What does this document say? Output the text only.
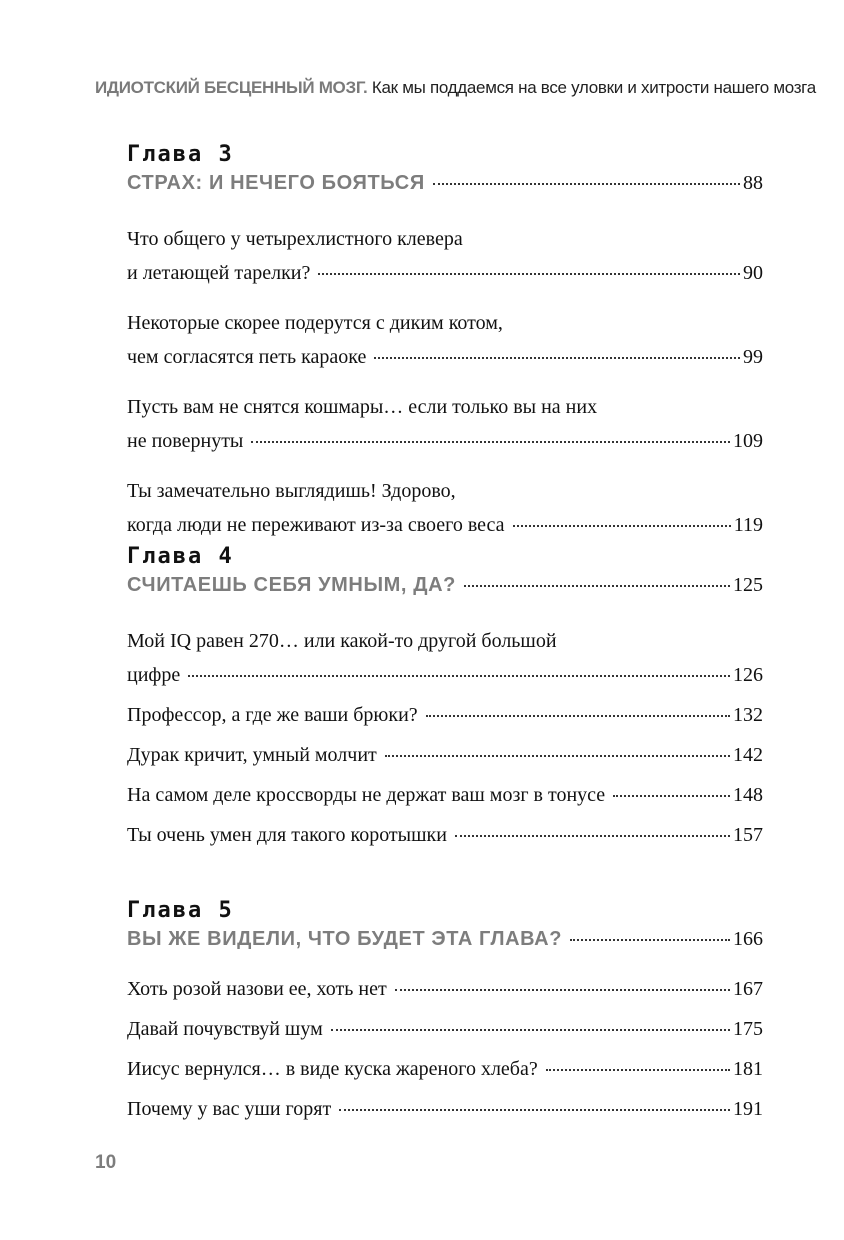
ИДИОТСКИЙ БЕСЦЕННЫЙ МОЗГ. Как мы поддаемся на все уловки и хитрости нашего мозга
Глава 3
СТРАХ: И НЕЧЕГО БОЯТЬСЯ	88
Что общего у четырехлистного клевера
и летающей тарелки?	90
Некоторые скорее подерутся с диким котом,
чем согласятся петь караоке	99
Пусть вам не снятся кошмары… если только вы на них
не повернуты	109
Ты замечательно выглядишь! Здорово,
когда люди не переживают из-за своего веса	119
Глава 4
СЧИТАЕШЬ СЕБЯ УМНЫМ, ДА?	125
Мой IQ равен 270… или какой-то другой большой
цифре	126
Профессор, а где же ваши брюки?	132
Дурак кричит, умный молчит	142
На самом деле кроссворды не держат ваш мозг в тонусе	148
Ты очень умен для такого коротышки	157
Глава 5
ВЫ ЖЕ ВИДЕЛИ, ЧТО БУДЕТ ЭТА ГЛАВА?	166
Хоть розой назови ее, хоть нет	167
Давай почувствуй шум	175
Иисус вернулся… в виде куска жареного хлеба?	181
Почему у вас уши горят	191
10
